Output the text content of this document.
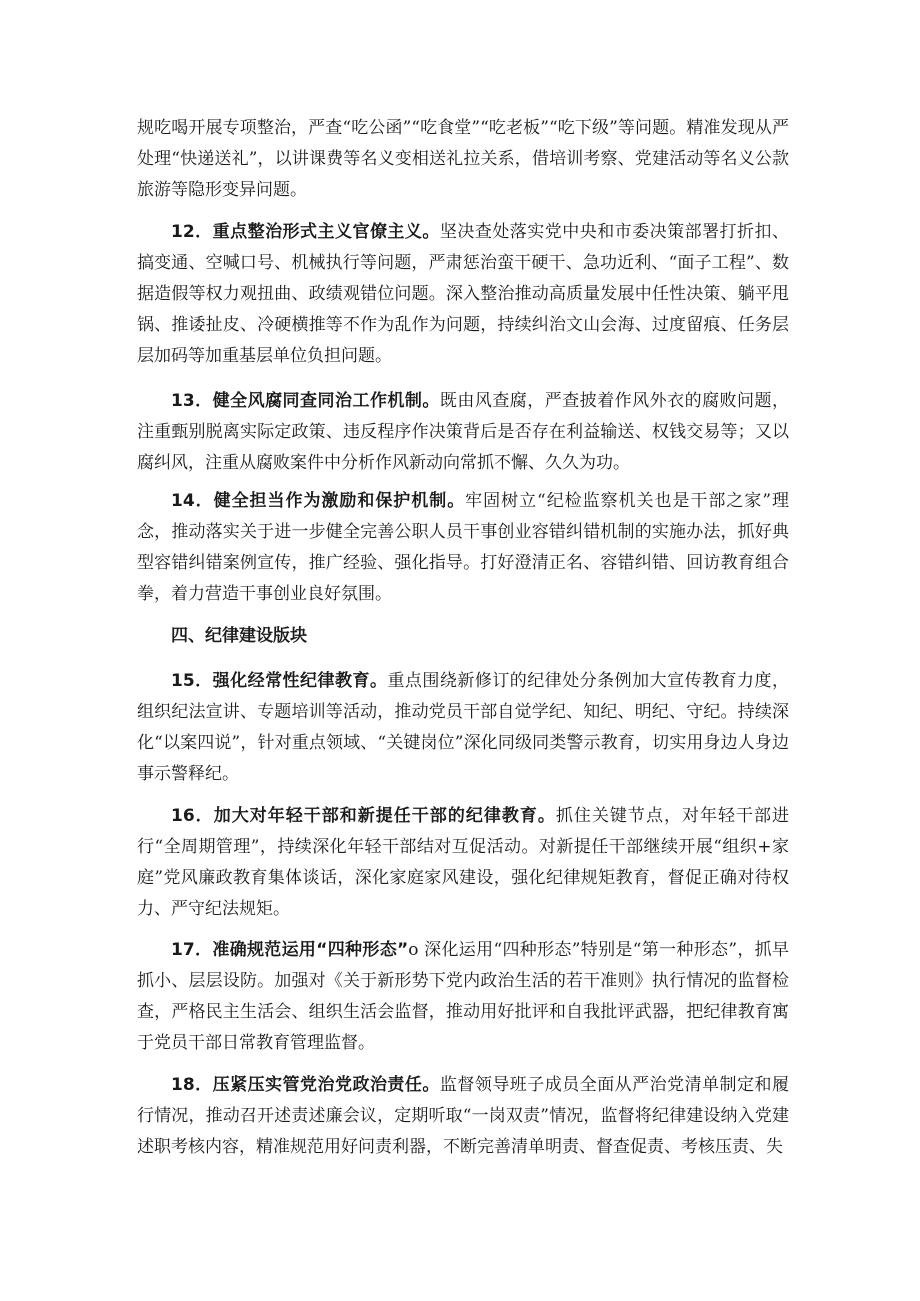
规吃喝开展专项整治，严查“吃公函”“吃食堂”“吃老板”“吃下级”等问题。精准发现从严处理“快递送礼”，以讲课费等名义变相送礼拉关系，借培训考察、党建活动等名义公款旅游等隐形变异问题。

12．重点整治形式主义官僚主义。坚决查处落实党中央和市委决策部署打折扣、搞变通、空喊口号、机械执行等问题，严肃惩治蛮干硬干、急功近利、“面子工程”、数据造假等权力观扭曲、政绩观错位问题。深入整治推动高质量发展中任性决策、躺平甩锅、推诿扯皮、冷硬横推等不作为乱作为问题，持续纠治文山会海、过度留痕、任务层层加码等加重基层单位负担问题。

13．健全风腐同查同治工作机制。既由风查腐，严查披着作风外衣的腐败问题，注重甄别脱离实际定政策、违反程序作决策背后是否存在利益输送、权钱交易等；又以腐纠风，注重从腐败案件中分析作风新动向常抓不懈、久久为功。

14．健全担当作为激励和保护机制。牢固树立“纪检监察机关也是干部之家”理念，推动落实关于进一步健全完善公职人员干事创业容错纠错机制的实施办法，抓好典型容错纠错案例宣传，推广经验、强化指导。打好澄清正名、容错纠错、回访教育组合拳，着力营造干事创业良好氛围。

四、纪律建设版块

15．强化经常性纪律教育。重点围绕新修订的纪律处分条例加大宣传教育力度，组织纪法宣讲、专题培训等活动，推动党员干部自觉学纪、知纪、明纪、守纪。持续深化“以案四说”，针对重点领域、“关键岗位”深化同级同类警示教育，切实用身边人身边事示警释纪。

16．加大对年轻干部和新提任干部的纪律教育。抓住关键节点，对年轻干部进行“全周期管理”，持续深化年轻干部结对互促活动。对新提任干部继续开展“组织+家庭”党风廉政教育集体谈话，深化家庭家风建设，强化纪律规矩教育，督促正确对待权力、严守纪法规矩。

17．准确规范运用“四种形态”o 深化运用“四种形态”特别是“第一种形态”，抓早抓小、层层设防。加强对《关于新形势下党内政治生活的若干准则》执行情况的监督检查，严格民主生活会、组织生活会监督，推动用好批评和自我批评武器，把纪律教育寓于党员干部日常教育管理监督。

18．压紧压实管党治党政治责任。监督领导班子成员全面从严治党清单制定和履行情况，推动召开述责述廉会议，定期听取“一岗双责”情况，监督将纪律建设纳入党建述职考核内容，精准规范用好问责利器，不断完善清单明责、督查促责、考核压责、失
